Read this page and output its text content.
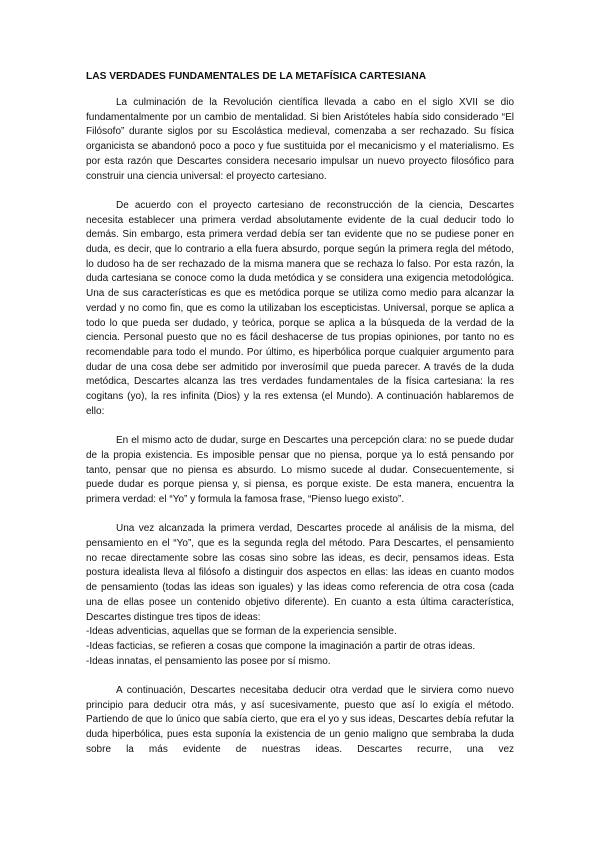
LAS VERDADES FUNDAMENTALES DE LA METAFÍSICA CARTESIANA

La culminación de la Revolución científica llevada a cabo en el siglo XVII se dio fundamentalmente por un cambio de mentalidad. Si bien Aristóteles había sido considerado “El Filósofo” durante siglos por su Escolástica medieval, comenzaba a ser rechazado. Su física organicista se abandonó poco a poco y fue sustituida por el mecanicismo y el materialismo. Es por esta razón que Descartes considera necesario impulsar un nuevo proyecto filosófico para construir una ciencia universal: el proyecto cartesiano.

De acuerdo con el proyecto cartesiano de reconstrucción de la ciencia, Descartes necesita establecer una primera verdad absolutamente evidente de la cual deducir todo lo demás. Sin embargo, esta primera verdad debía ser tan evidente que no se pudiese poner en duda, es decir, que lo contrario a ella fuera absurdo, porque según la primera regla del método, lo dudoso ha de ser rechazado de la misma manera que se rechaza lo falso. Por esta razón, la duda cartesiana se conoce como la duda metódica y se considera una exigencia metodológica. Una de sus características es que es metódica porque se utiliza como medio para alcanzar la verdad y no como fin, que es como la utilizaban los escepticistas. Universal, porque se aplica a todo lo que pueda ser dudado, y teórica, porque se aplica a la búsqueda de la verdad de la ciencia. Personal puesto que no es fácil deshacerse de tus propias opiniones, por tanto no es recomendable para todo el mundo. Por último, es hiperbólica porque cualquier argumento para dudar de una cosa debe ser admitido por inverosímil que pueda parecer. A través de la duda metódica, Descartes alcanza las tres verdades fundamentales de la física cartesiana: la res cogitans (yo), la res infinita (Dios) y la res extensa (el Mundo). A continuación hablaremos de ello:

En el mismo acto de dudar, surge en Descartes una percepción clara: no se puede dudar de la propia existencia. Es imposible pensar que no piensa, porque ya lo está pensando por tanto, pensar que no piensa es absurdo. Lo mismo sucede al dudar. Consecuentemente, si puede dudar es porque piensa y, si piensa, es porque existe. De esta manera, encuentra la primera verdad: el “Yo” y formula la famosa frase, “Pienso luego existo”.

Una vez alcanzada la primera verdad, Descartes procede al análisis de la misma, del pensamiento en el “Yo”, que es la segunda regla del método. Para Descartes, el pensamiento no recae directamente sobre las cosas sino sobre las ideas, es decir, pensamos ideas. Esta postura idealista lleva al filósofo a distinguir dos aspectos en ellas: las ideas en cuanto modos de pensamiento (todas las ideas son iguales) y las ideas como referencia de otra cosa (cada una de ellas posee un contenido objetivo diferente). En cuanto a esta última característica, Descartes distingue tres tipos de ideas:

-Ideas adventicias, aquellas que se forman de la experiencia sensible.
-Ideas facticias, se refieren a cosas que compone la imaginación a partir de otras ideas.
-Ideas innatas, el pensamiento las posee por sí mismo.

A continuación, Descartes necesitaba deducir otra verdad que le sirviera como nuevo principio para deducir otra más, y así sucesivamente, puesto que así lo exigía el método. Partiendo de que lo único que sabía cierto, que era el yo y sus ideas, Descartes debía refutar la duda hiperbólica, pues esta suponía la existencia de un genio maligno que sembraba la duda sobre la más evidente de nuestras ideas. Descartes recurre, una vez
